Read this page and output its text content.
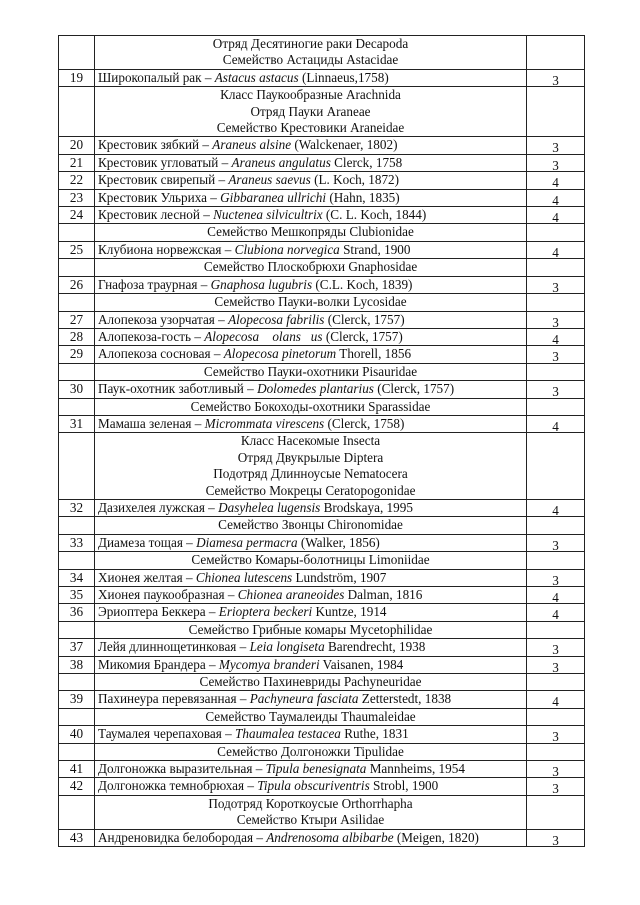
	Отряд Десятиногие раки Decapoda
Семейство Астациды Astacidae	

19	Широкопалый рак – Astacus astacus (Linnaeus,1758)	3

	Класс Паукообразные Arachnida
Отряд Пауки Araneae
Семейство Крестовики Araneidae	

20	Крестовик зябкий – Araneus alsine (Walckenaer, 1802)	3
21	Крестовик угловатый – Araneus angulatus Clerck, 1758	3
22	Крестовик свирепый – Araneus saevus (L. Koch, 1872)	4
23	Крестовик Ульриха – Gibbaranea ullrichi (Hahn, 1835)	4
24	Крестовик лесной – Nuctenea silvicultrix (C. L. Koch, 1844)	4

	Семейство Мешкопряды Clubionidae	

25	Клубиона норвежская – Clubiona norvegica Strand, 1900	4

	Семейство Плоскобрюхи Gnaphosidae	

26	Гнафоза траурная – Gnaphosa lugubris (C.L. Koch, 1839)	3

	Семейство Пауки-волки Lycosidae	

27	Алопекоза узорчатая – Alopecosa fabrilis (Clerck, 1757)	3
28	Алопекоза-гость – Alopecosa    olans   us (Clerck, 1757)	4
29	Алопекоза сосновая – Alopecosa pinetorum Thorell, 1856	3

	Семейство Пауки-охотники Pisauridae	

30	Паук-охотник заботливый – Dolomedes plantarius (Clerck, 1757)	3

	Семейство Бокоходы-охотники Sparassidae	

31	Мамаша зеленая – Micrommata virescens (Clerck, 1758)	4

	Класс Насекомые Insecta
Отряд Двукрылые Diptera
Подотряд Длинноусые Nematocera
Семейство Мокрецы Ceratopogonidae	

32	Дазихелея лужская – Dasyhelea lugensis Brodskaya, 1995	4

	Семейство Звонцы Chironomidae	

33	Диамеза тощая – Diamesa permacra (Walker, 1856)	3

	Семейство Комары-болотницы Limoniidae	

34	Хионея желтая – Chionea lutescens Lundström, 1907	3
35	Хионея паукообразная – Chionea araneoides Dalman, 1816	4
36	Эриоптера Беккера – Erioptera beckeri Kuntze, 1914	4

	Семейство Грибные комары Mycetophilidae	

37	Лейя длиннощетинковая – Leia longiseta Barendrecht, 1938	3
38	Микомия Брандера – Mycomya branderi Vaisanen, 1984	3

	Семейство Пахиневриды Pachyneuridae	

39	Пахинеура перевязанная – Pachyneura fasciata Zetterstedt, 1838	4

	Семейство Таумалеиды Thaumaleidae	

40	Таумалея черепаховая – Thaumalea testacea Ruthe, 1831	3

	Семейство Долгоножки Tipulidae	

41	Долгоножка выразительная – Tipula benesignata Mannheims, 1954	3
42	Долгоножка темнобрюхая – Tipula obscuriventris Strobl, 1900	3

	Подотряд Короткоусые Orthorrhapha
Семейство Ктыри Asilidae	

43	Андреновидка белобородая – Andrenosoma albibarbe (Meigen, 1820)	3
